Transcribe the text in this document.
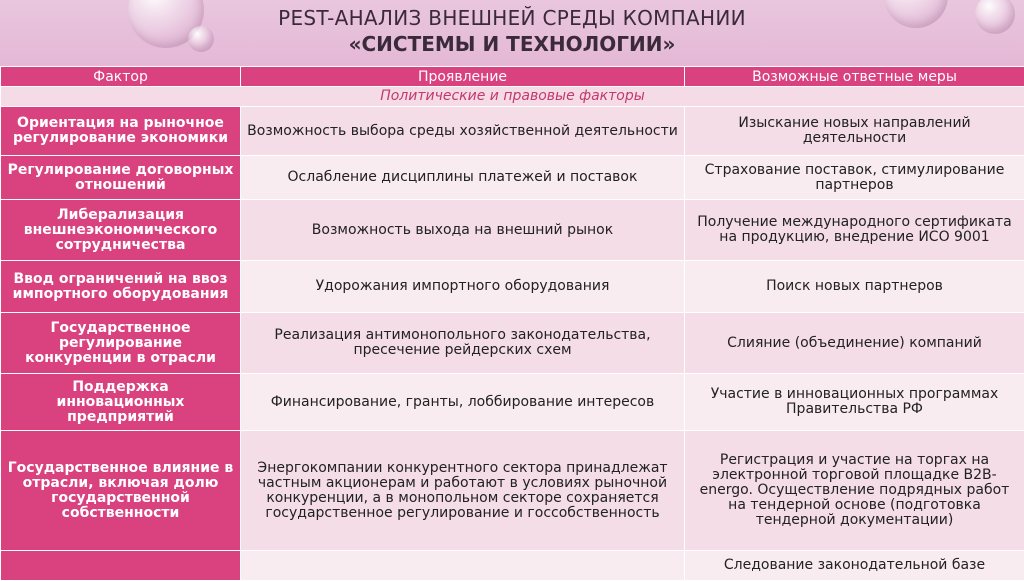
PEST-АНАЛИЗ ВНЕШНЕЙ СРЕДЫ КОМПАНИИ
«СИСТЕМЫ И ТЕХНОЛОГИИ»
Фактор	Проявление	Возможные ответные меры
Политические и правовые факторы		
Ориентация на рыночное регулирование экономики	Возможность выбора среды хозяйственной деятельности	Изыскание новых направлений деятельности
Регулирование договорных отношений	Ослабление дисциплины платежей и поставок	Страхование поставок, стимулирование партнеров
Либерализация внешнеэкономического сотрудничества	Возможность выхода на внешний рынок	Получение международного сертификата на продукцию, внедрение ИСО 9001
Ввод ограничений на ввоз импортного оборудования	Удорожания импортного оборудования	Поиск новых партнеров
Государственное регулирование конкуренции в отрасли	Реализация антимонопольного законодательства, пресечение рейдерских схем	Слияние (объединение) компаний
Поддержка инновационных предприятий	Финансирование, гранты, лоббирование интересов	Участие в инновационных программах Правительства РФ
Государственное влияние в отрасли, включая долю государственной собственности	Энергокомпании конкурентного сектора принадлежат частным акционерам и работают в условиях рыночной конкуренции, а в монопольном секторе сохраняется государственное регулирование и госсобственность	Регистрация и участие на торгах на электронной торговой площадке B2B-energo. Осуществление подрядных работ на тендерной основе (подготовка тендерной документации)
		Следование законодательной базе
